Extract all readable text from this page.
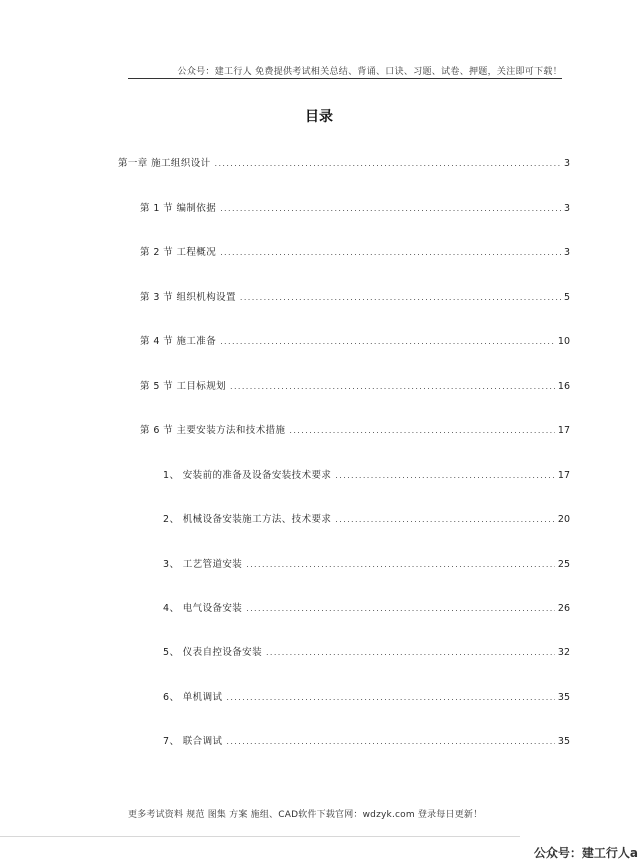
公众号：建工行人 免费提供考试相关总结、背诵、口诀、习题、试卷、押题，关注即可下载！
目录
第一章 施工组织设计 .....	3
第 1 节 编制依据 .....	3
第 2 节 工程概况 .....	3
第 3 节 组织机构设置 .....	5
第 4 节 施工准备 .....	10
第 5 节 工目标规划 .....	16
第 6 节 主要安装方法和技术措施 .....	17
1、 安装前的准备及设备安装技术要求 .....	17
2、 机械设备安装施工方法、技术要求 .....	20
3、 工艺管道安装 .....	25
4、 电气设备安装 .....	26
5、 仪表自控设备安装 .....	32
6、 单机调试 .....	35
7、 联合调试 .....	35
更多考试资料 规范 图集 方案 施组、CAD软件下载官网：wdzyk.com 登录每日更新！
公众号：建工行人a
